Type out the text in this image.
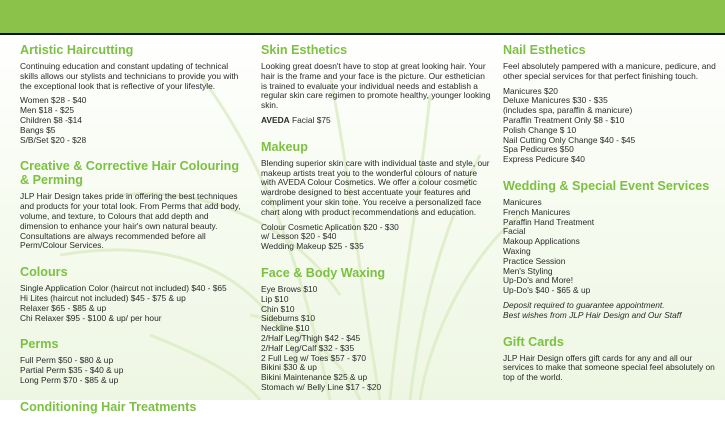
Artistic Haircutting

Continuing education and constant updating of technical skills allows our stylists and technicians to provide you with the exceptional look that is reflective of your lifestyle.

Women $28 - $40
Men $18 - $25
Children $8 -$14
Bangs $5
S/B/Set $20 - $28
Creative & Corrective Hair Colouring & Perming

JLP Hair Design takes pride in offering the best techniques and products for your total look. From Perms that add body, volume, and texture, to Colours that add depth and dimension to enhance your hair's own natural beauty. Consultations are always recommended before all Perm/Colour Services.

Colours
Single Application Color (haircut not included) $40 - $65
Hi Lites (haircut not included) $45 - $75 & up
Relaxer $65 - $85 & up
Chi Relaxer $95 - $100 & up/ per hour
Perms
Full Perm $50 - $80 & up
Partial Perm $35 - $40 & up
Long Perm $70 - $85 & up
Conditioning Hair Treatments
Skin Esthetics

Looking great doesn't have to stop at great looking hair. Your hair is the frame and your face is the picture. Our esthetician is trained to evaluate your individual needs and establish a regular skin care regimen to promote healthy, younger looking skin.

AVEDA Facial $75

Makeup

Blending superior skin care with individual taste and style, our makeup artists treat you to the wonderful colours of nature with AVEDA Colour Cosmetics. We offer a colour cosmetic wardrobe designed to best accentuate your features and compliment your skin tone. You receive a personalized face chart along with product recommendations and education.

Colour Cosmetic Aplication $20 - $30
w/ Lesson $20 - $40
Wedding Makeup $25 - $35
Face & Body Waxing
Eye Brows $10
Lip $10
Chin $10
Sideburns $10
Neckline $10
2/Half Leg/Thigh $42 - $45
2/Half Leg/Calf $32 - $35
2 Full Leg w/ Toes $57 - $70
Bikini $30 & up
Bikini Maintenance $25 & up
Stomach w/ Belly Line $17 - $20
Nail Esthetics

Feel absolutely pampered with a manicure, pedicure, and other special services for that perfect finishing touch.

Manicures $20
Deluxe Manicures $30 - $35
(includes spa, paraffin & manicure)
Paraffin Treatment Only $8 - $10
Polish Change $ 10
Nail Cutting Only Change $40 - $45
Spa Pedicures $50
Express Pedicure $40
Wedding & Special Event Services
Manicures
French Manicures
Paraffin Hand Treatment
Facial
Makoup Applications
Waxing
Practice Session
Men's Styling
Up-Do's and More!
Up-Do's $40 - $65 & up
Deposit required to guarantee appointment.
Best wishes from JLP Hair Design and Our Staff
Gift Cards

JLP Hair Design offers gift cards for any and all our services to make that someone special feel absolutely on top of the world.
